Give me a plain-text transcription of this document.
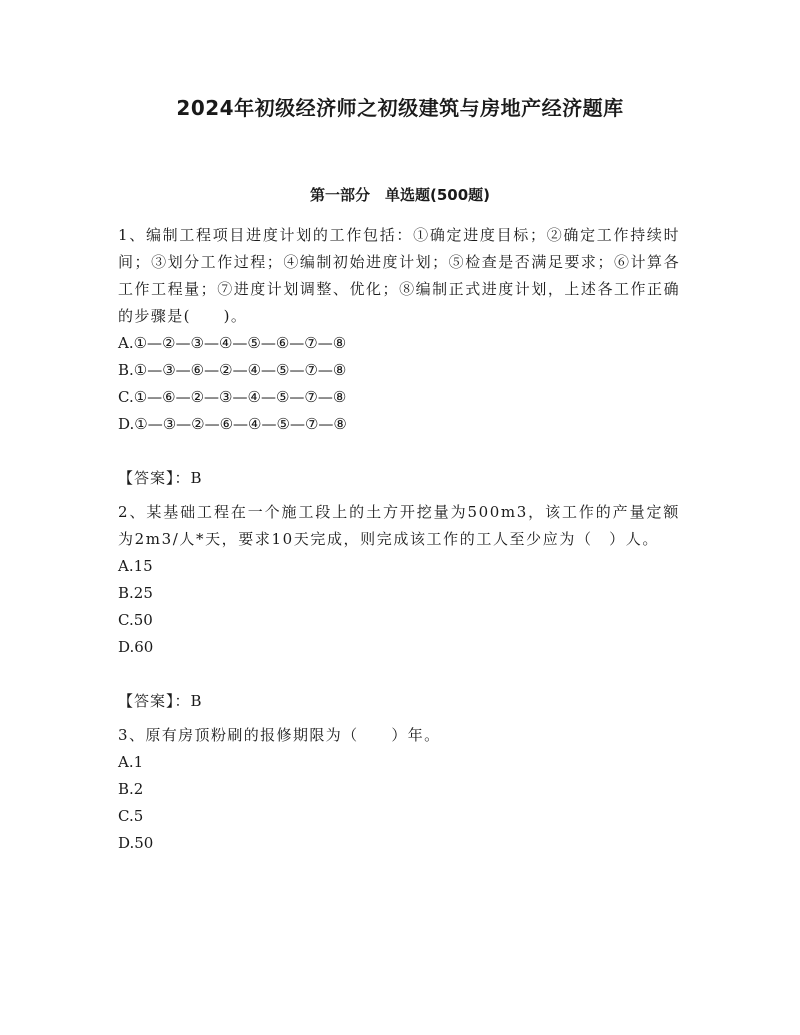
2024年初级经济师之初级建筑与房地产经济题库
第一部分　单选题(500题)

1、编制工程项目进度计划的工作包括：①确定进度目标；②确定工作持续时间；③划分工作过程；④编制初始进度计划；⑤检查是否满足要求；⑥计算各工作工程量；⑦进度计划调整、优化；⑧编制正式进度计划，上述各工作正确的步骤是(　　)。

A.①—②—③—④—⑤—⑥—⑦—⑧
B.①—③—⑥—②—④—⑤—⑦—⑧
C.①—⑥—②—③—④—⑤—⑦—⑧
D.①—③—②—⑥—④—⑤—⑦—⑧

【答案】：B

2、某基础工程在一个施工段上的土方开挖量为500m3，该工作的产量定额为2m3/人*天，要求10天完成，则完成该工作的工人至少应为（　）人。

A.15
B.25
C.50
D.60

【答案】：B

3、原有房顶粉刷的报修期限为（　　）年。

A.1
B.2
C.5
D.50
